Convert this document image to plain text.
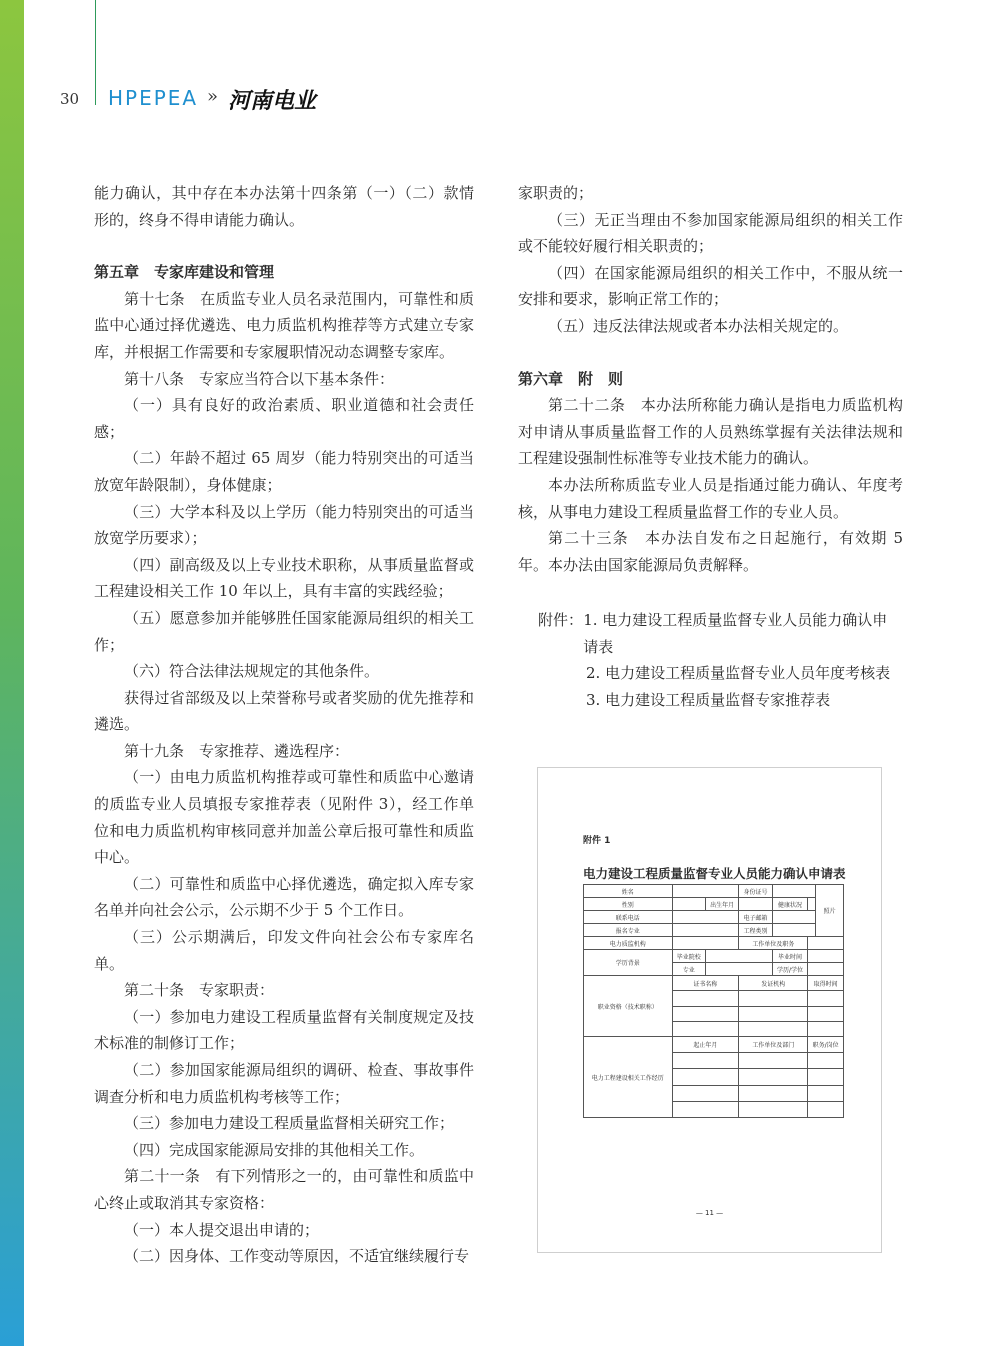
30 HPEPEA » 河南电业

能力确认，其中存在本办法第十四条第（一）（二）款情形的，终身不得申请能力确认。

第五章　专家库建设和管理

第十七条　在质监专业人员名录范围内，可靠性和质监中心通过择优遴选、电力质监机构推荐等方式建立专家库，并根据工作需要和专家履职情况动态调整专家库。

第十八条　专家应当符合以下基本条件：

（一）具有良好的政治素质、职业道德和社会责任感；

（二）年龄不超过 65 周岁（能力特别突出的可适当放宽年龄限制），身体健康；

（三）大学本科及以上学历（能力特别突出的可适当放宽学历要求）；

（四）副高级及以上专业技术职称，从事质量监督或工程建设相关工作 10 年以上，具有丰富的实践经验；

（五）愿意参加并能够胜任国家能源局组织的相关工作；

（六）符合法律法规规定的其他条件。

获得过省部级及以上荣誉称号或者奖励的优先推荐和遴选。

第十九条　专家推荐、遴选程序：

（一）由电力质监机构推荐或可靠性和质监中心邀请的质监专业人员填报专家推荐表（见附件 3），经工作单位和电力质监机构审核同意并加盖公章后报可靠性和质监中心。

（二）可靠性和质监中心择优遴选，确定拟入库专家名单并向社会公示，公示期不少于 5 个工作日。

（三）公示期满后，印发文件向社会公布专家库名单。

第二十条　专家职责：

（一）参加电力建设工程质量监督有关制度规定及技术标准的制修订工作；

（二）参加国家能源局组织的调研、检查、事故事件调查分析和电力质监机构考核等工作；

（三）参加电力建设工程质量监督相关研究工作；

（四）完成国家能源局安排的其他相关工作。

第二十一条　有下列情形之一的，由可靠性和质监中心终止或取消其专家资格：

（一）本人提交退出申请的；

（二）因身体、工作变动等原因，不适宜继续履行专

家职责的；

（三）无正当理由不参加国家能源局组织的相关工作或不能较好履行相关职责的；

（四）在国家能源局组织的相关工作中，不服从统一安排和要求，影响正常工作的；

（五）违反法律法规或者本办法相关规定的。

第六章　附　则

第二十二条　本办法所称能力确认是指电力质监机构对申请从事质量监督工作的人员熟练掌握有关法律法规和工程建设强制性标准等专业技术能力的确认。

本办法所称质监专业人员是指通过能力确认、年度考核，从事电力建设工程质量监督工作的专业人员。

第二十三条　本办法自发布之日起施行，有效期 5 年。本办法由国家能源局负责解释。

附件： 1. 电力建设工程质量监督专业人员能力确认申请表
2. 电力建设工程质量监督专业人员年度考核表
3. 电力建设工程质量监督专家推荐表
附件 1
电力建设工程质量监督专业人员能力确认申请表
姓名			身份证号			照片
性别		出生年月		健康状况		
联系电话			电子邮箱			
报名专业			工程类别			
电力质监机构			工作单位及职务			
学历背景	毕业院校			毕业时间		
	专业			学历/学位		
职业资格（技术职称）	证书名称		发证机构		取得时间	

电力工程建设相关工作经历	起止年月		工作单位及部门		职务/岗位	

— 11 —
